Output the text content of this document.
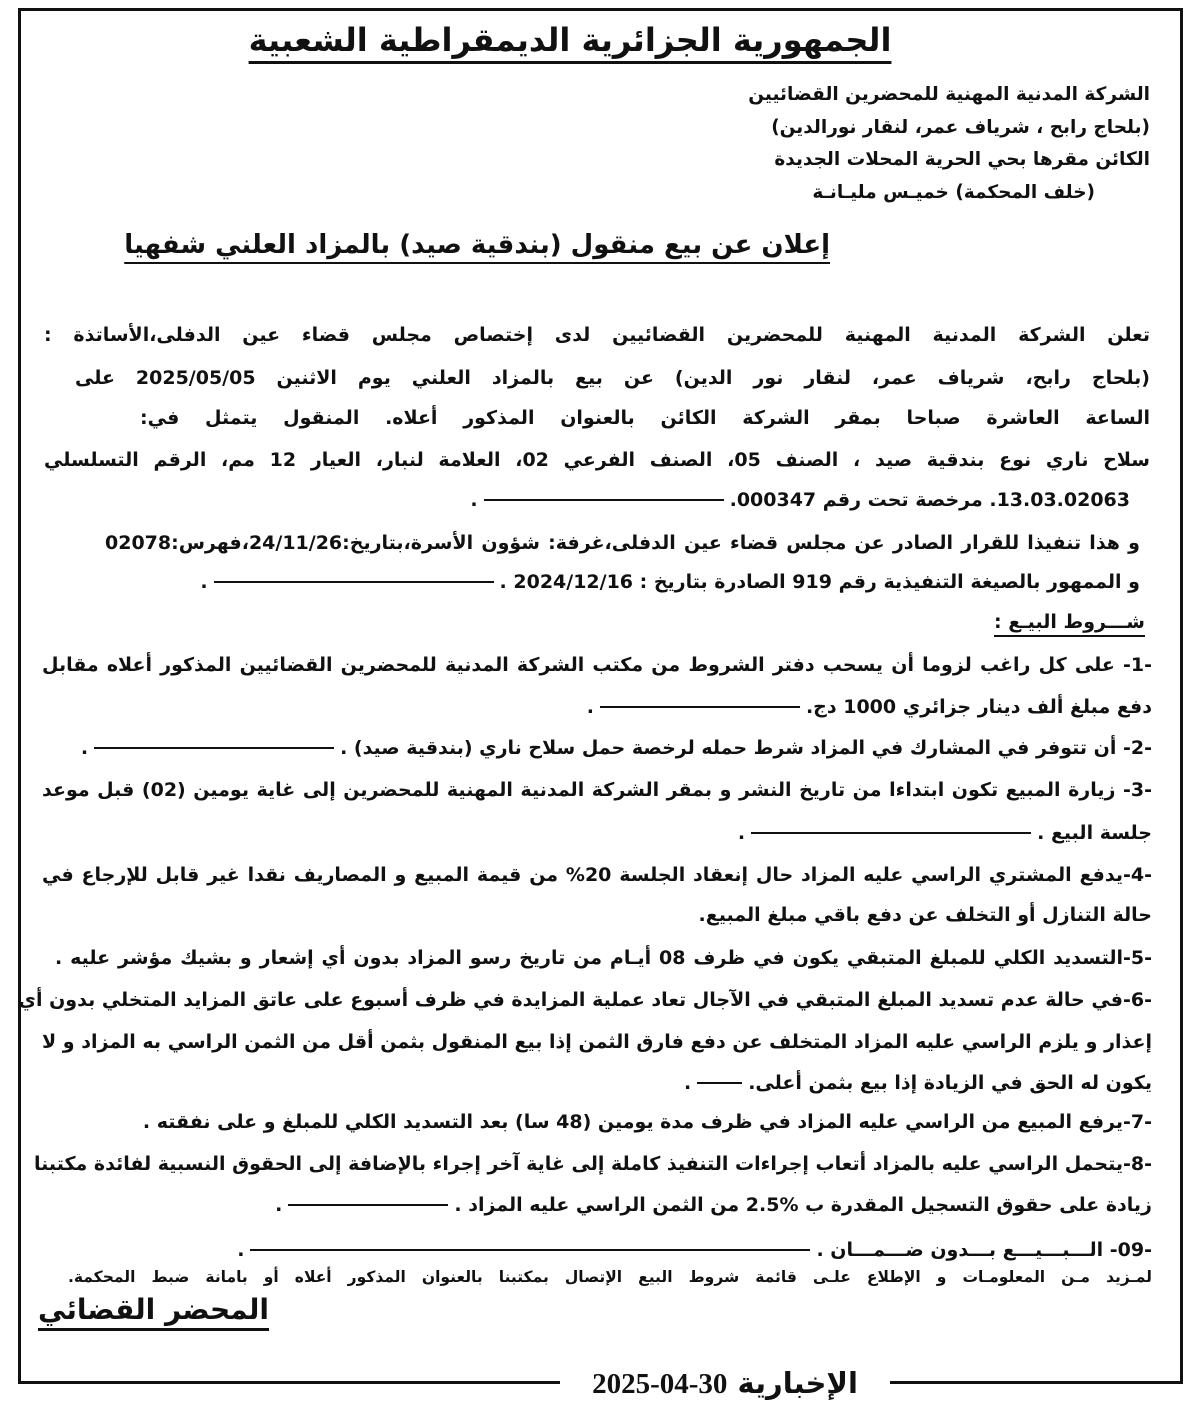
الجمهورية الجزائرية الديمقراطية الشعبية
الشركة المدنية المهنية للمحضرين القضائيين
(بلحاج رابح ، شرياف عمر، لنقار نورالدين)
الكائن مقرها بحي الحرية المحلات الجديدة
(خلف المحكمة) خميـس مليـانـة
إعلان عن بيع منقول (بندقية صيد) بالمزاد العلني شفهيا
تعلن الشركة المدنية المهنية للمحضرين القضائيين لدى إختصاص مجلس قضاء عين الدفلى،الأساتذة :
(بلحاج رابح، شرياف عمر، لنقار نور الدين) عن بيع بالمزاد العلني يوم الاثنين 2025/05/05 على
الساعة العاشرة صباحا بمقر الشركة الكائن بالعنوان المذكور أعلاه. المنقول يتمثل في:
سلاح ناري نوع بندقية صيد ، الصنف 05، الصنف الفرعي 02، العلامة لنبار، العيار 12 مم، الرقم التسلسلي
13.03.02063. مرخصة تحت رقم 000347..
و هذا تنفيذا للقرار الصادر عن مجلس قضاء عين الدفلى،غرفة: شؤون الأسرة،بتاريخ:24/11/26،فهرس:02078
و الممهور بالصيغة التنفيذية رقم 919 الصادرة بتاريخ : 2024/12/16 ..
شـــروط البيـع :
-1- على كل راغب لزوما أن يسحب دفتر الشروط من مكتب الشركة المدنية للمحضرين القضائيين المذكور أعلاه مقابل
دفع مبلغ ألف دينار جزائري 1000 دج..
-2- أن تتوفر في المشارك في المزاد شرط حمله لرخصة حمل سلاح ناري (بندقية صيد) ..
-3- زيارة المبيع تكون ابتداءا من تاريخ النشر و بمقر الشركة المدنية المهنية للمحضرين إلى غاية يومين (02) قبل موعد
جلسة البيع ..
-4-يدفع المشتري الراسي عليه المزاد حال إنعقاد الجلسة 20% من قيمة المبيع و المصاريف نقدا غير قابل للإرجاع في
حالة التنازل أو التخلف عن دفع باقي مبلغ المبيع.
-5-التسديد الكلي للمبلغ المتبقي يكون في ظرف 08 أيـام من تاريخ رسو المزاد بدون أي إشعار و بشيك مؤشر عليه .
-6-في حالة عدم تسديد المبلغ المتبقي في الآجال تعاد عملية المزايدة في ظرف أسبوع على عاتق المزايد المتخلي بدون أي
إعذار و يلزم الراسي عليه المزاد المتخلف عن دفع فارق الثمن إذا بيع المنقول بثمن أقل من الثمن الراسي به المزاد و لا
يكون له الحق في الزيادة إذا بيع بثمن أعلى..
-7-يرفع المبيع من الراسي عليه المزاد في ظرف مدة يومين (48 سا) بعد التسديد الكلي للمبلغ و على نفقته .
-8-يتحمل الراسي عليه بالمزاد أتعاب إجراءات التنفيذ كاملة إلى غاية آخر إجراء بالإضافة إلى الحقوق النسبية لفائدة مكتبنا
زيادة على حقوق التسجيل المقدرة ب %2.5 من الثمن الراسي عليه المزاد ..
-09- الـــبـــيـــع بـــدون ضـــمـــان ..
لمـزيد مـن المعلومـات و الإطلاع علـى قائمة شروط البيع الإتصال بمكتبنا بالعنوان المذكور أعلاه أو بامانة ضبط المحكمة.
المحضر القضائي
الإخبارية 2025-04-30
